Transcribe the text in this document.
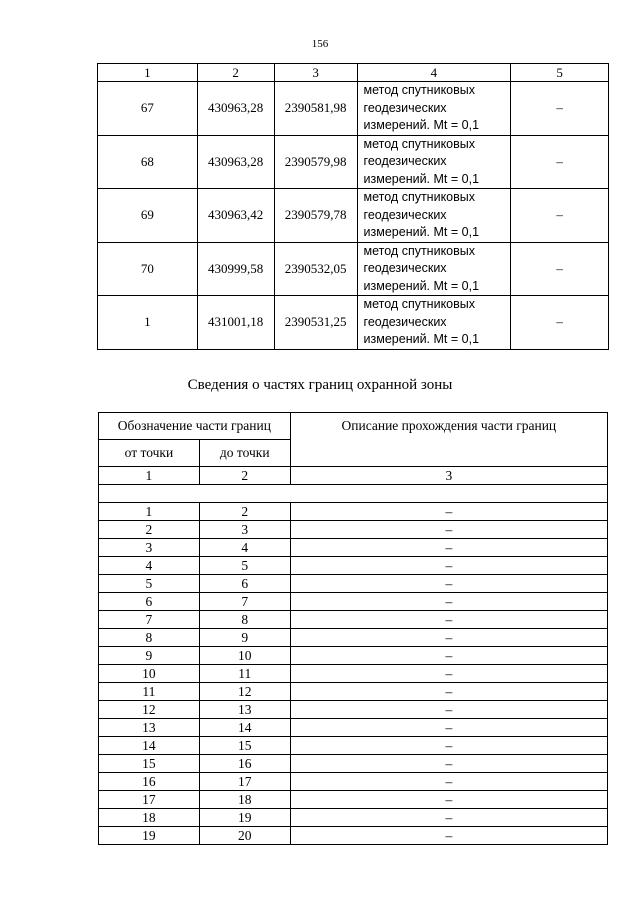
156
1	2	3	4	5
67	430963,28	2390581,98	метод спутниковых
геодезических
измерений. Mt = 0,1	–
68	430963,28	2390579,98	метод спутниковых
геодезических
измерений. Mt = 0,1	–
69	430963,42	2390579,78	метод спутниковых
геодезических
измерений. Mt = 0,1	–
70	430999,58	2390532,05	метод спутниковых
геодезических
измерений. Mt = 0,1	–
1	431001,18	2390531,25	метод спутниковых
геодезических
измерений. Mt = 0,1	–
Сведения о частях границ охранной зоны
Обозначение части границ		Описание прохождения части границ
от точки	до точки	
1	2	3

1	2	–
2	3	–
3	4	–
4	5	–
5	6	–
6	7	–
7	8	–
8	9	–
9	10	–
10	11	–
11	12	–
12	13	–
13	14	–
14	15	–
15	16	–
16	17	–
17	18	–
18	19	–
19	20	–
